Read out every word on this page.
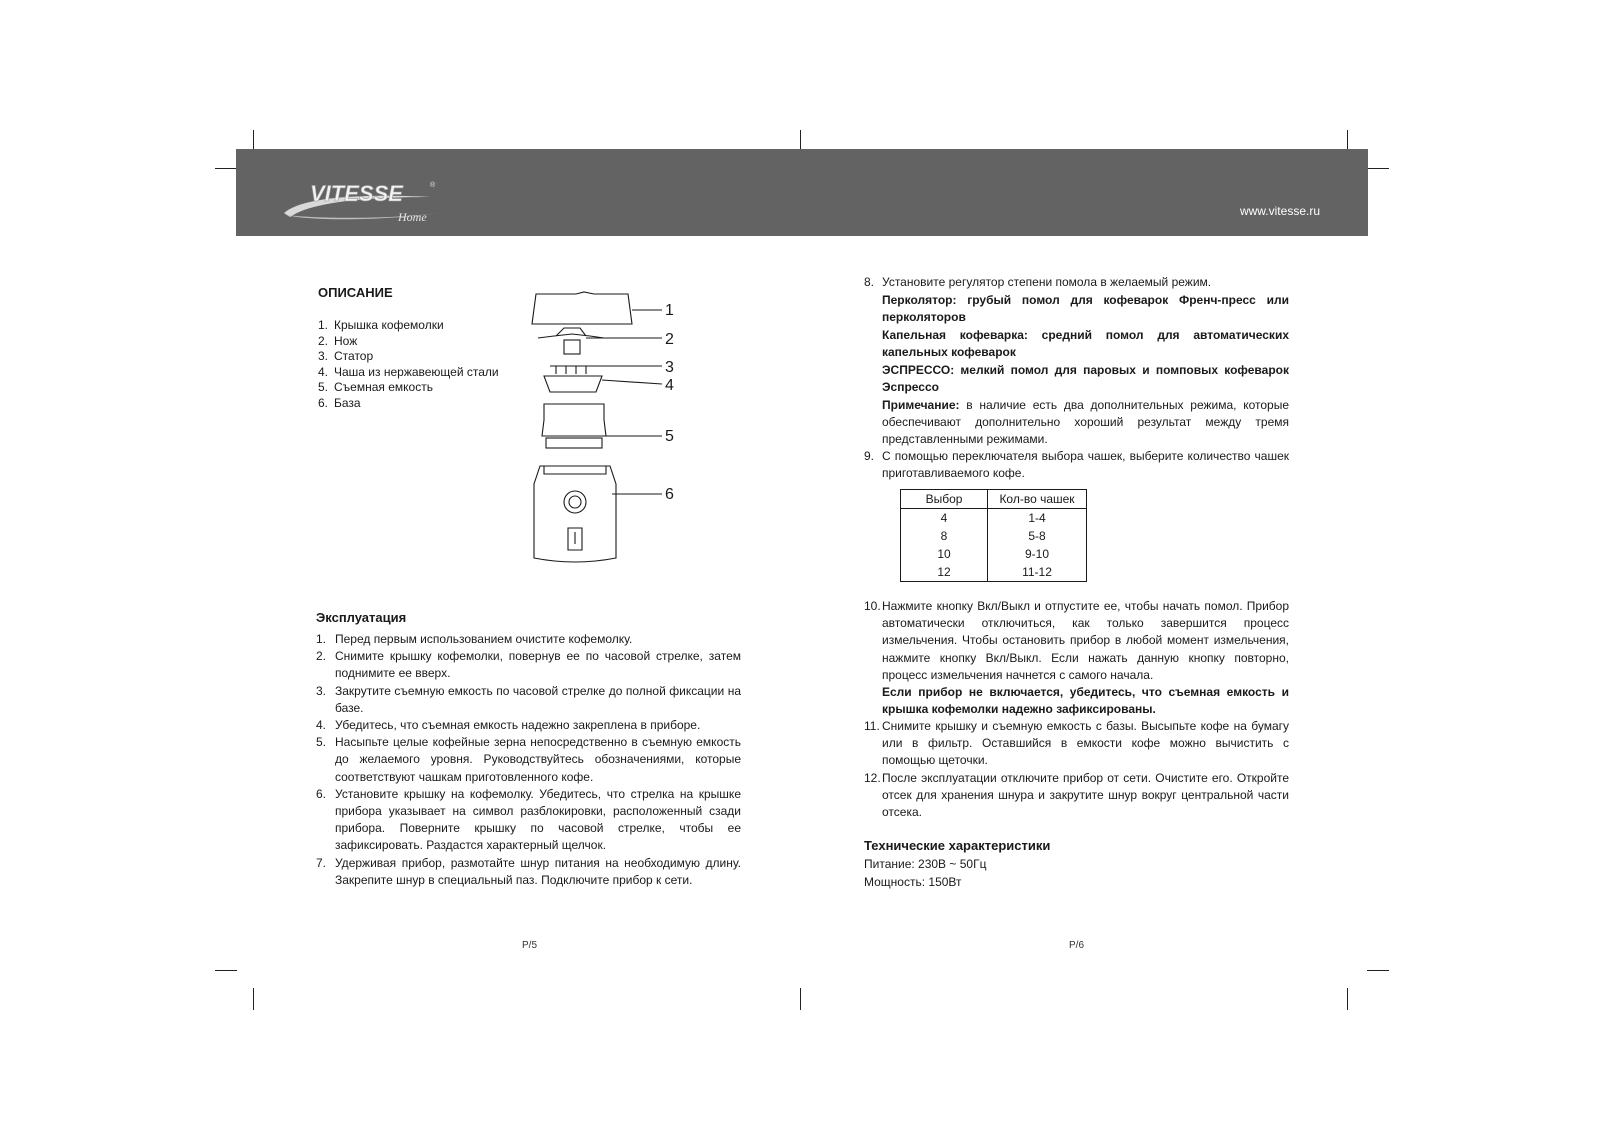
VITESSE
Home
®
www.vitesse.ru
ОПИСАНИЕ
1. Крышка кофемолки
2. Нож
3. Статор
4. Чаша из нержавеющей стали
5. Съемная емкость
6. База
1
2
3
4
5
6
Эксплуатация
1. Перед первым использованием очистите кофемолку.
2. Снимите крышку кофемолки, повернув ее по часовой стрелке, затем поднимите ее вверх.
3. Закрутите съемную емкость по часовой стрелке до полной фиксации на базе.
4. Убедитесь, что съемная емкость надежно закреплена в приборе.
5. Насыпьте целые кофейные зерна непосредственно в съемную емкость до желаемого уровня. Руководствуйтесь обозначениями, которые соответствуют чашкам приготовленного кофе.
6. Установите крышку на кофемолку. Убедитесь, что стрелка на крышке прибора указывает на символ разблокировки, расположенный сзади прибора. Поверните крышку по часовой стрелке, чтобы ее зафиксировать. Раздастся характерный щелчок.
7. Удерживая прибор, размотайте шнур питания на необходимую длину. Закрепите шнур в специальный паз. Подключите прибор к сети.
P/5
8. Установите регулятор степени помола в желаемый режим.
Перколятор: грубый помол для кофеварок Френч-пресс или перколяторов
Капельная кофеварка: средний помол для автоматических капельных кофеварок
ЭСПРЕССО: мелкий помол для паровых и помповых кофеварок Эспрессо
Примечание: в наличие есть два дополнительных режима, которые обеспечивают дополнительно хороший результат между тремя представленными режимами.
9. С помощью переключателя выбора чашек, выберите количество чашек приготавливаемого кофе.
Выбор	Кол-во чашек
4	1-4
8	5-8
10	9-10
12	11-12
10. Нажмите кнопку Вкл/Выкл и отпустите ее, чтобы начать помол. Прибор автоматически отключиться, как только завершится процесс измельчения. Чтобы остановить прибор в любой момент измельчения, нажмите кнопку Вкл/Выкл. Если нажать данную кнопку повторно, процесс измельчения начнется с самого начала.
Если прибор не включается, убедитесь, что съемная емкость и крышка кофемолки надежно зафиксированы.
11. Снимите крышку и съемную емкость с базы. Высыпьте кофе на бумагу или в фильтр. Оставшийся в емкости кофе можно вычистить с помощью щеточки.
12. После эксплуатации отключите прибор от сети. Очистите его. Откройте отсек для хранения шнура и закрутите шнур вокруг центральной части отсека.
Технические характеристики
Питание: 230В ~ 50Гц
Мощность: 150Вт
P/6
